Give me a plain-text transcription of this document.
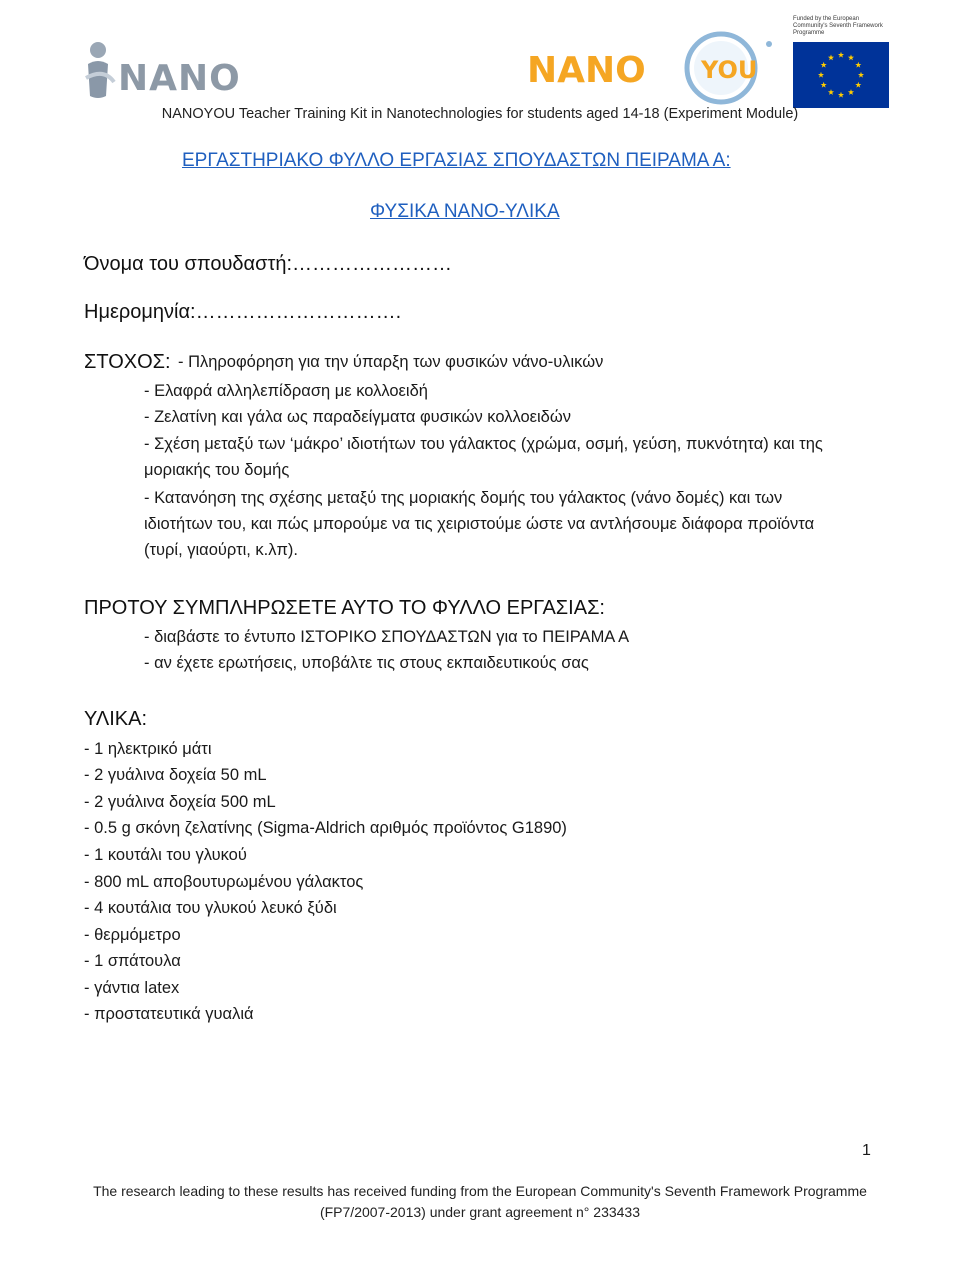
NANO	NANO YOU
Funded by the European Community's Seventh Framework Programme
NANOYOU Teacher Training Kit in Nanotechnologies for students aged 14-18 (Experiment Module)
ΕΡΓΑΣΤΗΡΙΑΚΟ ΦΥΛΛΟ ΕΡΓΑΣΙΑΣ ΣΠΟΥΔΑΣΤΩΝ ΠΕΙΡΑΜΑ Α:
ΦΥΣΙΚΑ ΝΑΝΟ-ΥΛΙΚΑ
Όνομα του σπουδαστή:……………………
Ημερομηνία:………………………….
ΣΤΟΧΟΣ: - Πληροφόρηση για την ύπαρξη των φυσικών νάνο-υλικών
- Ελαφρά αλληλεπίδραση με κολλοειδή
- Ζελατίνη και γάλα ως παραδείγματα φυσικών κολλοειδών
- Σχέση μεταξύ των ‘μάκρο’ ιδιοτήτων του γάλακτος (χρώμα, οσμή, γεύση, πυκνότητα) και της
μοριακής του δομής
- Κατανόηση της σχέσης μεταξύ της μοριακής δομής του γάλακτος (νάνο δομές) και των
ιδιοτήτων του, και πώς μπορούμε να τις χειριστούμε ώστε να αντλήσουμε διάφορα προϊόντα
(τυρί, γιαούρτι, κ.λπ).
ΠΡΟΤΟΥ ΣΥΜΠΛΗΡΩΣΕΤΕ ΑΥΤΟ ΤΟ ΦΥΛΛΟ ΕΡΓΑΣΙΑΣ:
- διαβάστε το έντυπο ΙΣΤΟΡΙΚΟ ΣΠΟΥΔΑΣΤΩΝ για το ΠΕΙΡΑΜΑ Α
- αν έχετε ερωτήσεις, υποβάλτε τις στους εκπαιδευτικούς σας
ΥΛΙΚΑ:
- 1 ηλεκτρικό μάτι
- 2 γυάλινα δοχεία 50 mL
- 2 γυάλινα δοχεία 500 mL
- 0.5 g σκόνη ζελατίνης (Sigma-Aldrich αριθμός προϊόντος G1890)
- 1 κουτάλι του γλυκού
- 800 mL αποβουτυρωμένου γάλακτος
- 4 κουτάλια του γλυκού λευκό ξύδι
- θερμόμετρο
- 1 σπάτουλα
- γάντια latex
- προστατευτικά γυαλιά
1
The research leading to these results has received funding from the European Community's Seventh Framework Programme
(FP7/2007-2013) under grant agreement n° 233433
